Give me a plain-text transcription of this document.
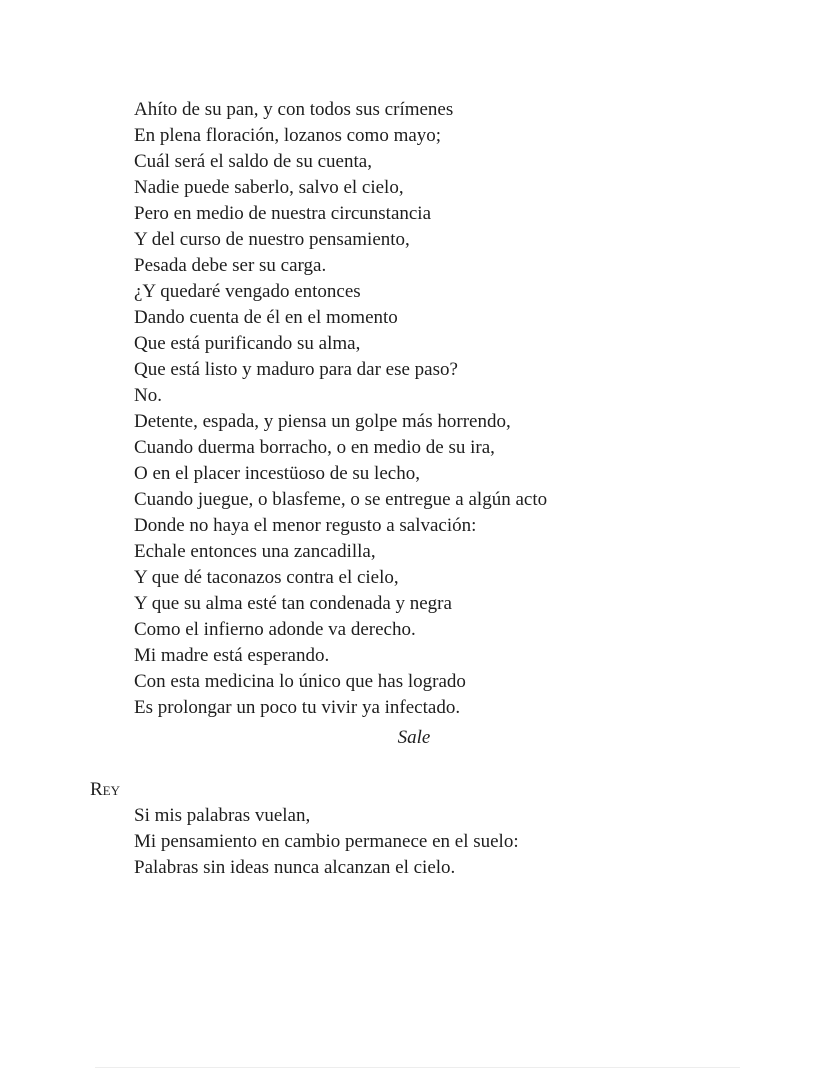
Ahíto de su pan, y con todos sus crímenes
En plena floración, lozanos como mayo;
Cuál será el saldo de su cuenta,
Nadie puede saberlo, salvo el cielo,
Pero en medio de nuestra circunstancia
Y del curso de nuestro pensamiento,
Pesada debe ser su carga.
¿Y quedaré vengado entonces
Dando cuenta de él en el momento
Que está purificando su alma,
Que está listo y maduro para dar ese paso?
No.
Detente, espada, y piensa un golpe más horrendo,
Cuando duerma borracho, o en medio de su ira,
O en el placer incestüoso de su lecho,
Cuando juegue, o blasfeme, o se entregue a algún acto
Donde no haya el menor regusto a salvación:
Echale entonces una zancadilla,
Y que dé taconazos contra el cielo,
Y que su alma esté tan condenada y negra
Como el infierno adonde va derecho.
Mi madre está esperando.
Con esta medicina lo único que has logrado
Es prolongar un poco tu vivir ya infectado.
Sale
Rey
Si mis palabras vuelan,
Mi pensamiento en cambio permanece en el suelo:
Palabras sin ideas nunca alcanzan el cielo.
